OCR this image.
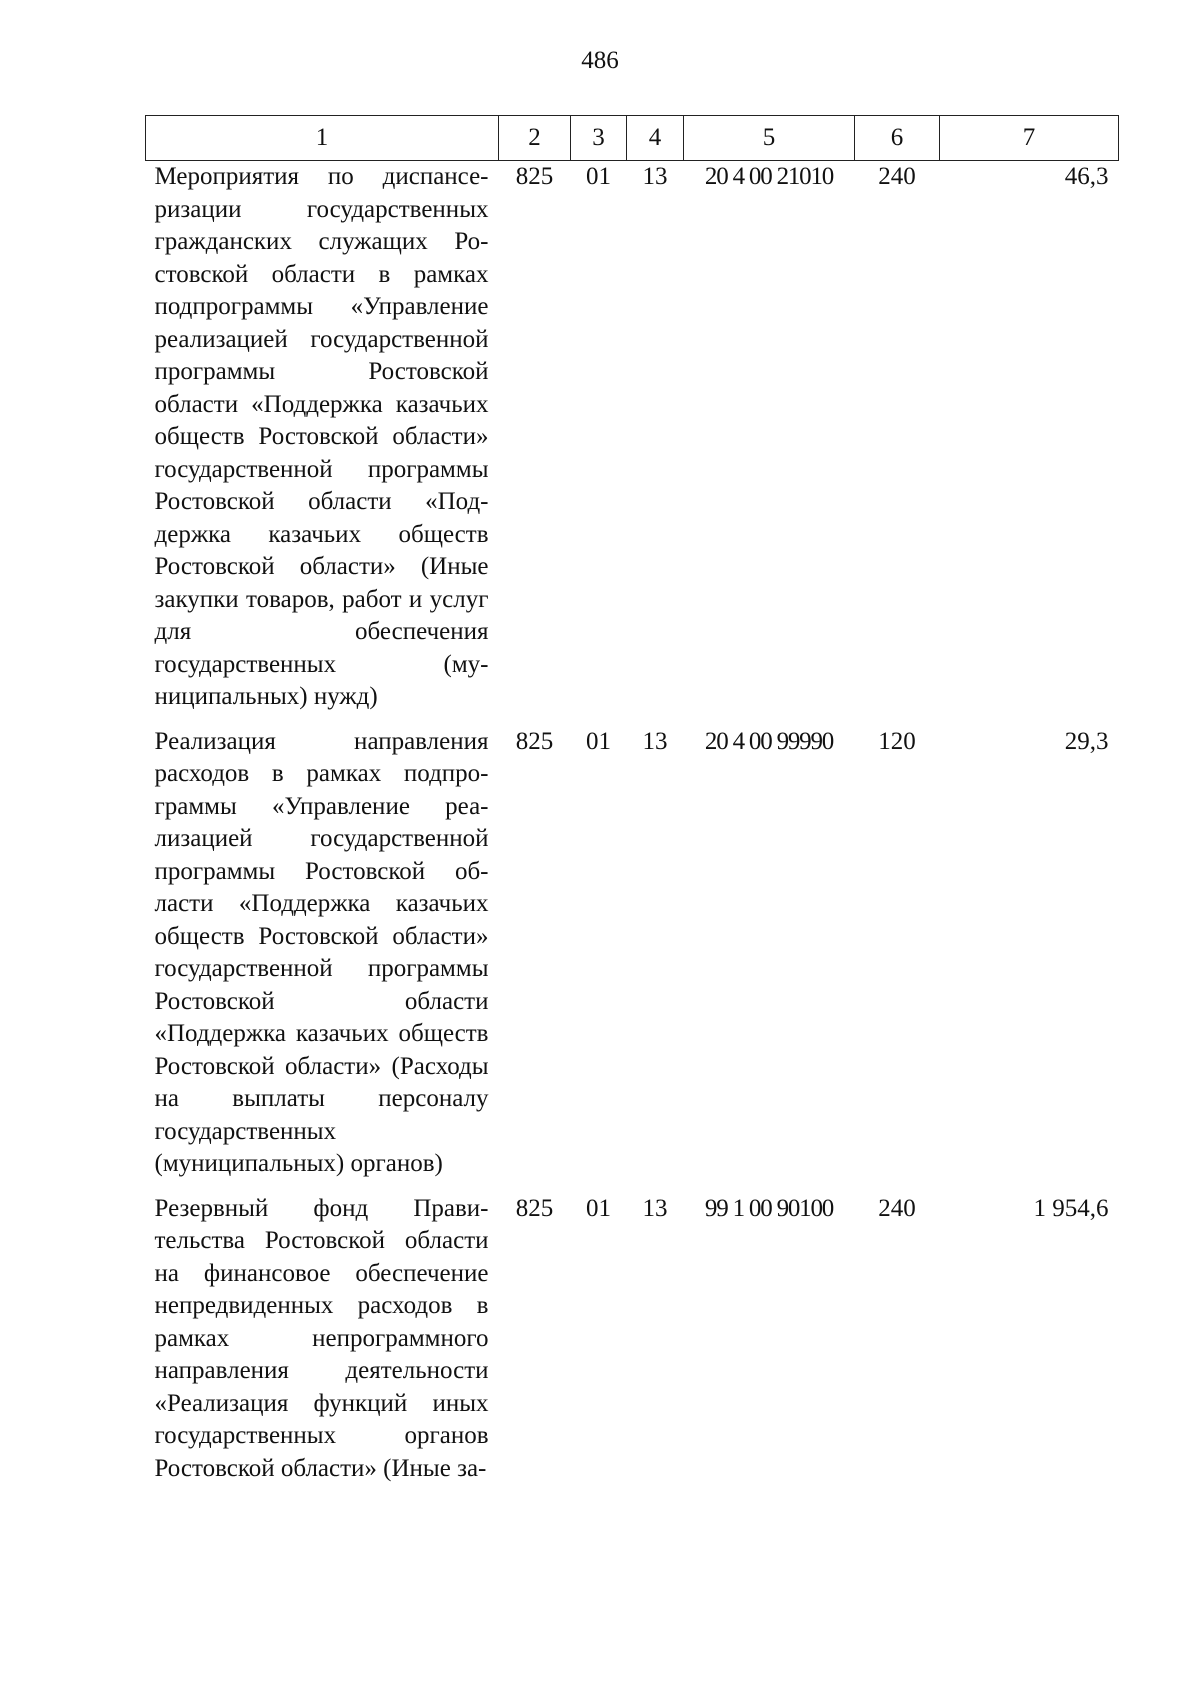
486
1	2	3	4	5	6	7
Мероприятия по диспансеризации государственных гражданских служащих Ростовской области в рамках подпрограммы «Управление реализацией государственной программы Ростовской области «Поддержка казачьих обществ Ростовской области» государственной программы Ростовской области «Поддержка казачьих обществ Ростовской области» (Иные закупки товаров, работ и услуг для обеспечения государственных (муниципальных) нужд)	825	01	13	20 4 00 21010	240	46,3
Реализация направления расходов в рамках подпрограммы «Управление реализацией государственной программы Ростовской области «Поддержка казачьих обществ Ростовской области» государственной программы Ростовской области «Поддержка казачьих обществ Ростовской области» (Расходы на выплаты персоналу государственных (муниципальных) органов)	825	01	13	20 4 00 99990	120	29,3
Резервный фонд Правительства Ростовской области на финансовое обеспечение непредвиденных расходов в рамках непрограммного направления деятельности «Реализация функций иных государственных органов Ростовской области» (Иные за-	825	01	13	99 1 00 90100	240	1 954,6
